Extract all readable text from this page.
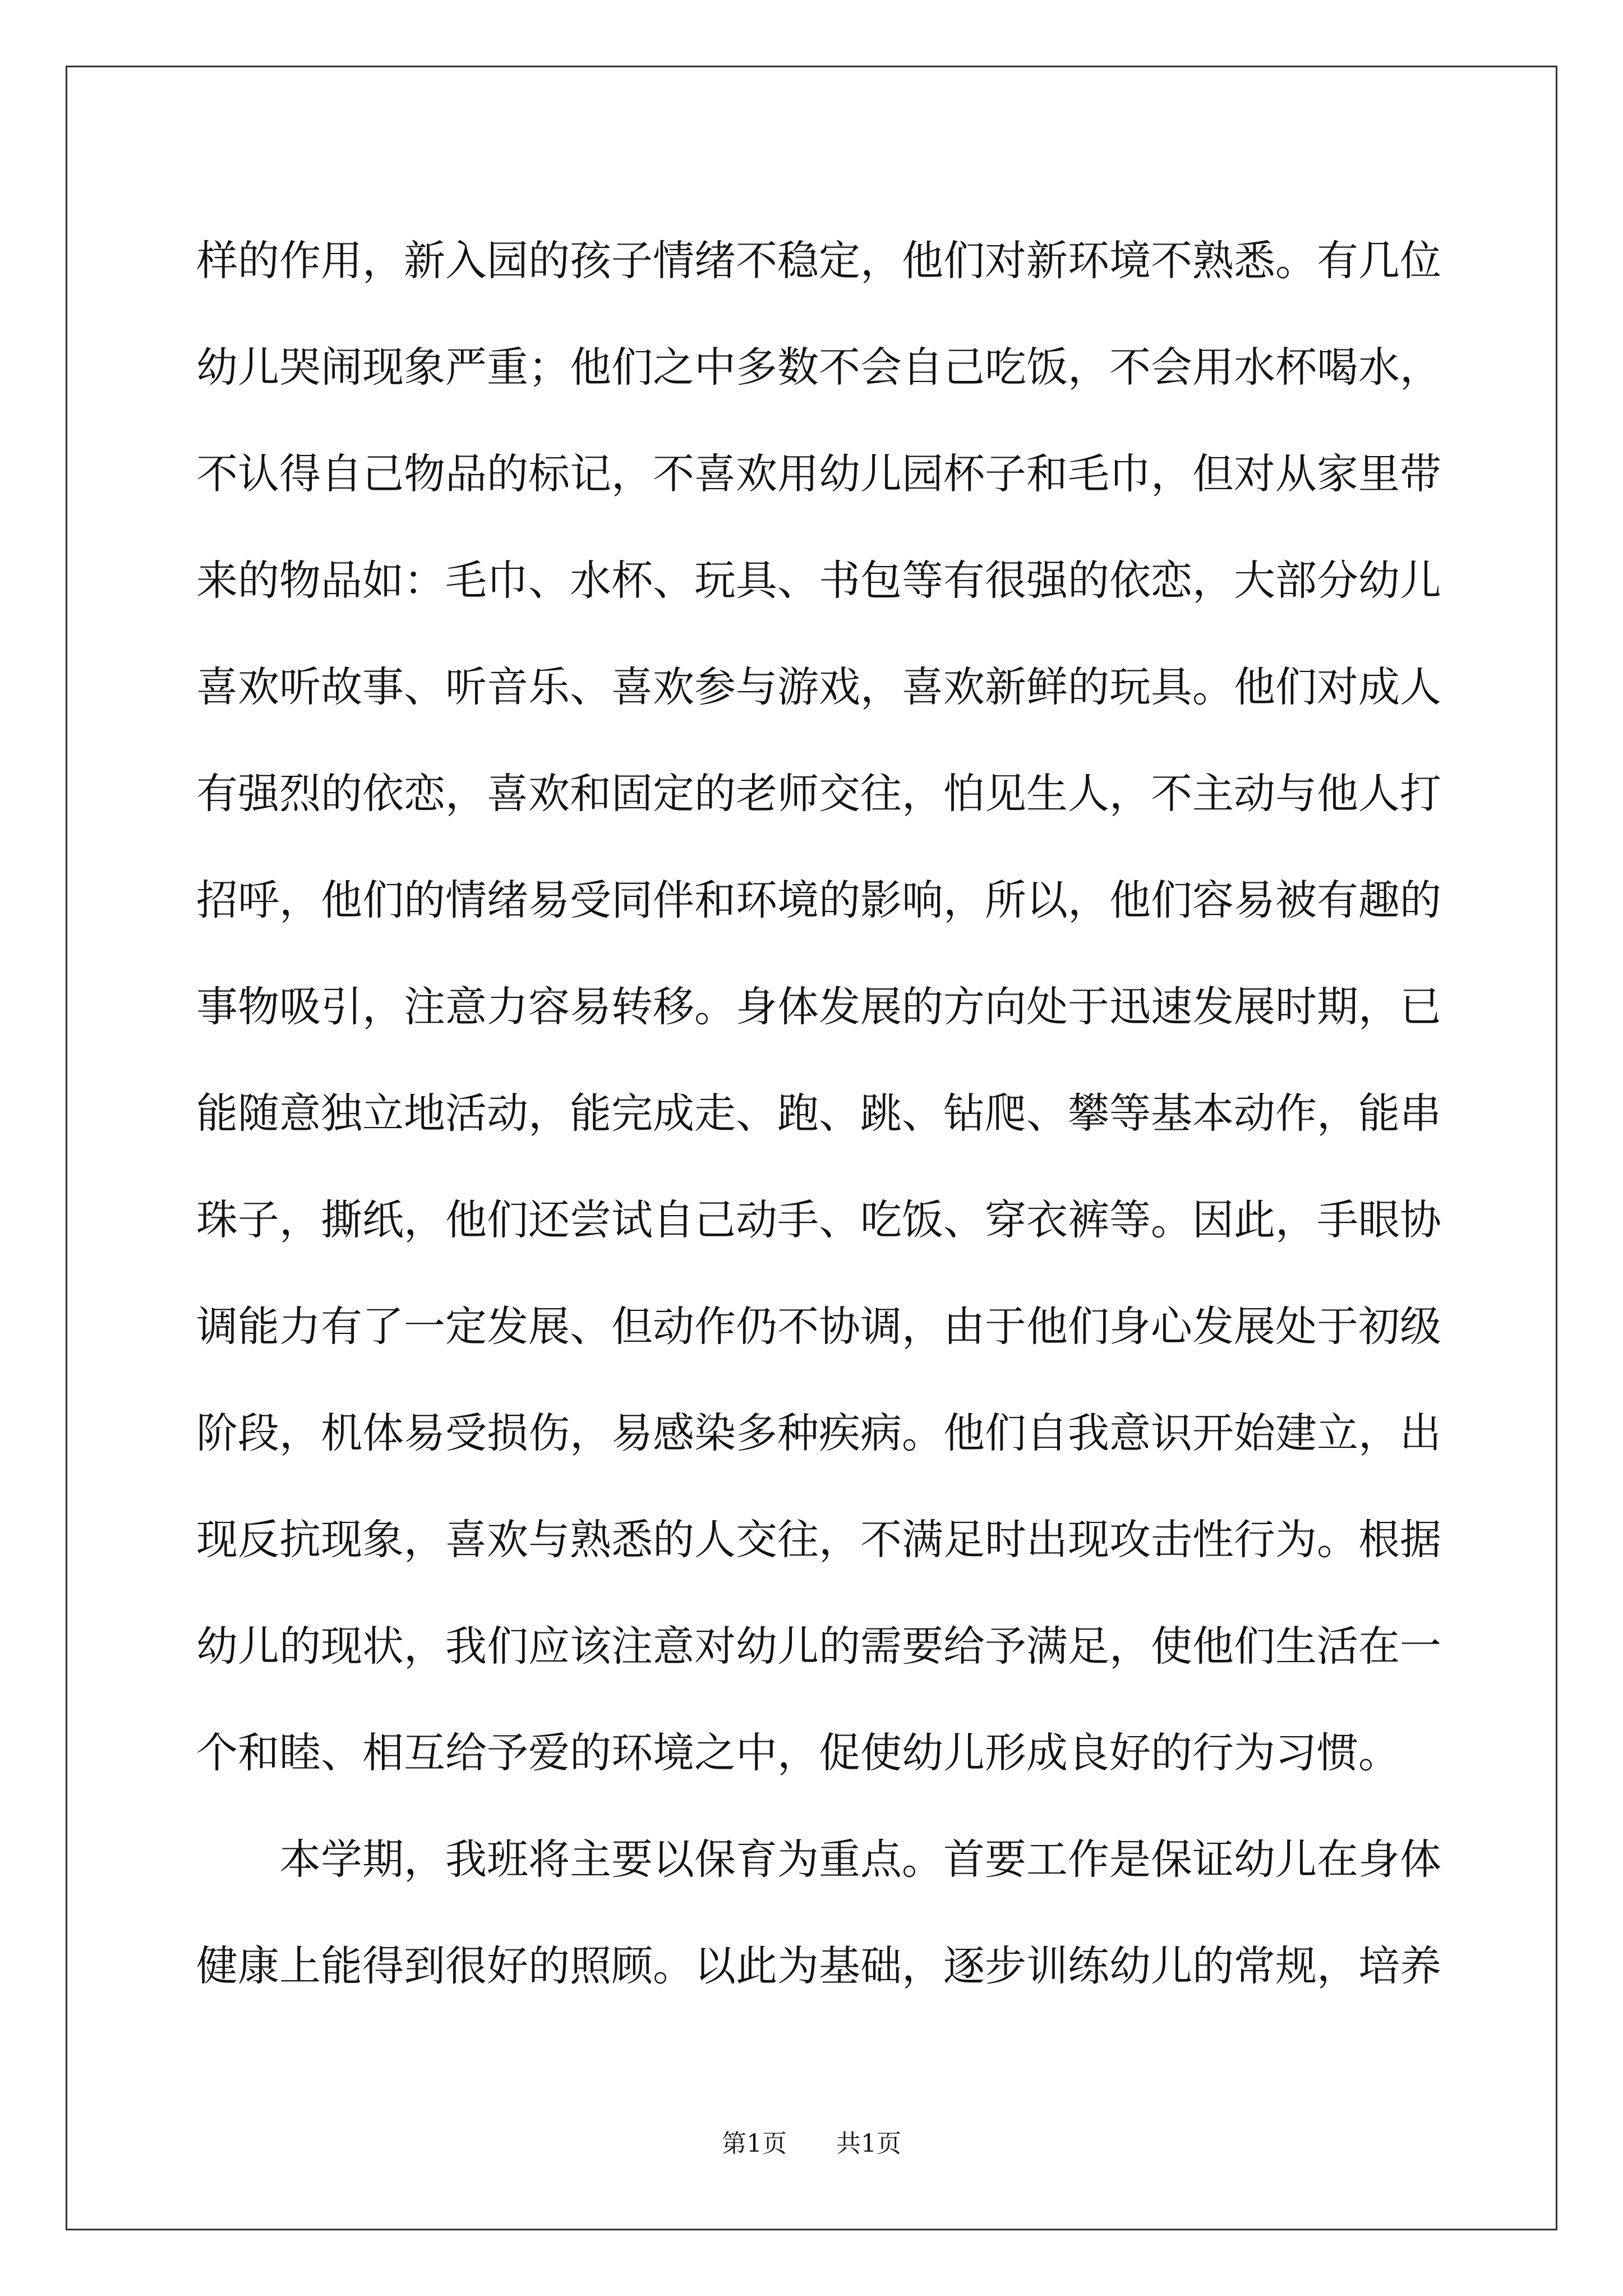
样的作用，新入园的孩子情绪不稳定，他们对新环境不熟悉。有几位
幼儿哭闹现象严重；他们之中多数不会自己吃饭，不会用水杯喝水，
不认得自己物品的标记，不喜欢用幼儿园杯子和毛巾，但对从家里带
来的物品如：毛巾、水杯、玩具、书包等有很强的依恋，大部分幼儿
喜欢听故事、听音乐、喜欢参与游戏，喜欢新鲜的玩具。他们对成人
有强烈的依恋，喜欢和固定的老师交往，怕见生人，不主动与他人打
招呼，他们的情绪易受同伴和环境的影响，所以，他们容易被有趣的
事物吸引，注意力容易转移。身体发展的方向处于迅速发展时期，已
能随意独立地活动，能完成走、跑、跳、钻爬、攀等基本动作，能串
珠子，撕纸，他们还尝试自己动手、吃饭、穿衣裤等。因此，手眼协
调能力有了一定发展、但动作仍不协调，由于他们身心发展处于初级
阶段，机体易受损伤，易感染多种疾病。他们自我意识开始建立，出
现反抗现象，喜欢与熟悉的人交往，不满足时出现攻击性行为。根据
幼儿的现状，我们应该注意对幼儿的需要给予满足，使他们生活在一
个和睦、相互给予爱的环境之中，促使幼儿形成良好的行为习惯。
本学期，我班将主要以保育为重点。首要工作是保证幼儿在身体
健康上能得到很好的照顾。以此为基础，逐步训练幼儿的常规，培养
第1页 共1页
